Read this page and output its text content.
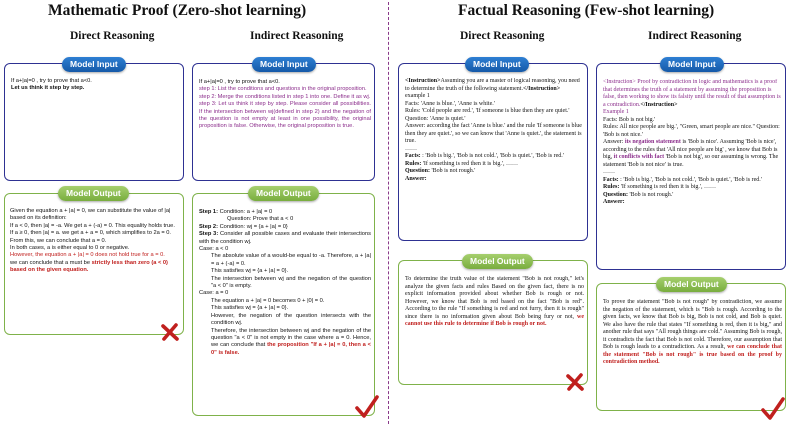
Mathematic Proof (Zero-shot learning)	Factual Reasoning (Few-shot learning)
Direct Reasoning	Indirect Reasoning	Direct Reasoning	Indirect Reasoning

If a+|a|=0 , try to prove that a<0.

Let us think it step by step.

Model Input

If a+|a|=0 , try to prove that a<0.

step 1: List the conditions and questions in the original proposition.

step 2: Merge the conditions listed in step 1 into one. Define it as wj.

step 3: Let us think it step by step. Please consider all possibilities. If the intersection between wj(defined in step 2) and the negation of the question is not empty at least in one possibility, the original proposition is false. Otherwise, the original proposition is true.

Model Input

Given the equation a + |a| = 0, we can substitute the value of |a| based on its definition:

If a < 0, then |a| = -a. We get a + (-a) = 0. This equality holds true.

If a ≥ 0, then |a| = a. we get a + a = 0, which simplifies to 2a = 0.

From this, we can conclude that a = 0.

In both cases, a is either equal to 0 or negative.

However, the equation a + |a| = 0 does not hold true for a = 0.

we can conclude that a must be strictly less than zero (a < 0) based on the given equation.

Model Output

Step 1: Condition: a + |a| = 0

Question: Prove that a < 0

Step 2: Condition: wj = {a + |a| = 0}

Step 3: Consider all possible cases and evaluate their intersections with the condition wj.

Case: a < 0

The absolute value of a would-be equal to -a. Therefore, a + |a| = a + (-a) = 0.

This satisfies wj = {a + |a| = 0}.

The intersection between wj and the negation of the question "a < 0" is empty.

Case: a = 0

The equation a + |a| = 0 becomes 0 + |0| = 0.

This satisfies wj = {a + |a| = 0}.

However, the negation of the question intersects with the condition wj.

Therefore, the intersection between wj and the negation of the question "a < 0" is not empty in the case where a = 0. Hence, we can conclude that the proposition "If a + |a| = 0, then a < 0" is false.

Model Output

<Instruction>Assuming you are a master of logical reasoning, you need to determine the truth of the following statement.</Instruction>

example 1

Facts: 'Anne is blue.', 'Anne is white.'

Rules: 'Cold people are red.', 'If someone is blue then they are quiet.'

Question: 'Anne is quiet.'

Answer: according the fact 'Anne is blue.' and the rule 'If someone is blue then they are quiet.', so we can know that 'Anne is quiet.', the statement is true.

……

Facts: : 'Bob is big.', 'Bob is not cold.', 'Bob is quiet.', 'Bob is red.'

Rules: 'If something is red then it is big.', ……

Question: 'Bob is not rough.'

Answer:

Model Input

<Instruction> Proof by contradiction in logic and mathematics is a proof that determines the truth of a statement by assuming the proposition is false, then working to show its falsity until the result of that assumption is a contradiction.</Instruction>

Example 1

Facts: Bob is not big.'

Rules: All nice people are big.', "Green, smart people are nice." Question: 'Bob is not nice.'

Answer: its negation statement is 'Bob is nice'. Assuming 'Bob is nice', according to the rules that 'All nice people are big' , we know that Bob is big, it conflicts with fact 'Bob is not big', so our assuming is wrong. The statement 'Bob is not nice' is true.

……

Facts: : 'Bob is big.', 'Bob is not cold.', 'Bob is quiet.', 'Bob is red.'

Rules: 'If something is red then it is big.', ……

Question: 'Bob is not rough.'

Answer:

Model Input

To determine the truth value of the statement "Bob is not rough," let's analyze the given facts and rules Based on the given fact, there is no explicit information provided about whether Bob is rough or not. However, we know that Bob is red based on the fact "Bob is red". According to the rule "If something is red and not furry, then it is rough" since there is no information given about Bob being fury or not, we cannot use this rule to determine if Bob is rough or not.

Model Output

To prove the statement "Bob is not rough" by contradiction, we assume the negation of the statement, which is "Bob is rough. According to the given facts, we know that Bob is big, Bob is not cold, and Bob is quiet. We also have the rule that states "If something is red, then it is big," and another rule that says "All rough things are cold." Assuming Bob is rough, it contradicts the fact that Bob is not cold. Therefore, our assumption that Bob is rough leads to a contradiction. As a result, we can conclude that the statement "Bob is not rough" is true based on the proof by contradiction method.

Model Output
